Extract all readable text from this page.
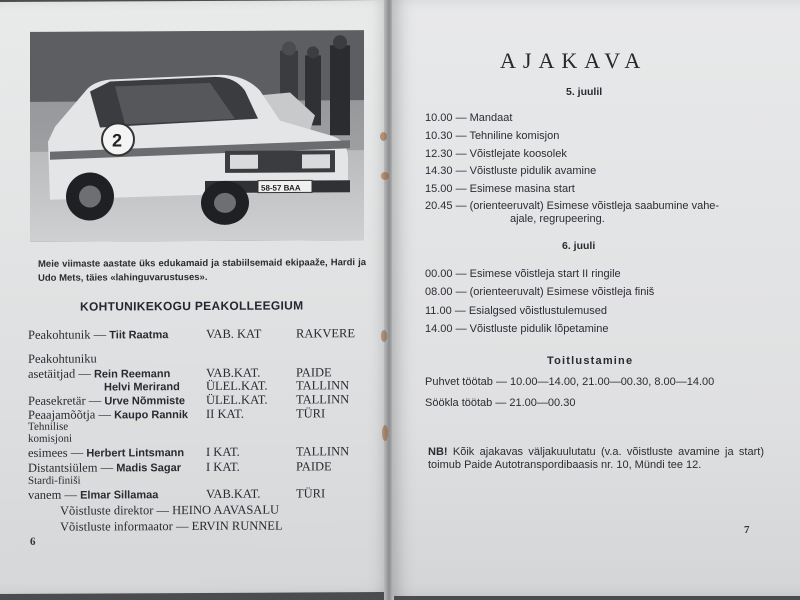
2
58-57 ВАА
Meie viimaste aastate üks edukamaid ja stabiilsemaid ekipaaže, Hardi ja Udo Mets, täies «lahinguvarustuses».
KOHTUNIKEKOGU PEAKOLLEEGIUM
Peakohtunik — Tiit Raatma	VAB. KAT	RAKVERE
Peakohtuniku
asetäitjad — Rein Reemann	VAB.KAT.	PAIDE
Helvi Merirand ÜLEL.KAT. TALLINN
Peasekretär — Urve Nõmmiste ÜLEL.KAT. TALLINN
Peaajamõõtja — Kaupo Rannik II KAT.	TÜRI
Tehnilise
komisjoni
esimees — Herbert Lintsmann I KAT.	TALLINN
Distantsiülem — Madis Sagar I KAT.	PAIDE
Stardi-finiši
vanem — Elmar Sillamaa	VAB.KAT.	TÜRI
Võistluste direktor — HEINO AAVASALU
Võistluste informaator — ERVIN RUNNEL
6
AJAKAVA
5. juulil
10.00 — Mandaat
10.30 — Tehniline komisjon
12.30 — Võistlejate koosolek
14.30 — Võistluste pidulik avamine
15.00 — Esimese masina start
20.45 — (orienteeruvalt) Esimese võistleja saabumine vahe-
ajale, regrupeering.
6. juuli
00.00 — Esimese võistleja start II ringile
08.00 — (orienteeruvalt) Esimese võistleja finiš
11.00 — Esialgsed võistlustulemused
14.00 — Võistluste pidulik lõpetamine
Toitlustamine
Puhvet töötab — 10.00—14.00, 21.00—00.30, 8.00—14.00
Söökla töötab — 21.00—00.30
NB! Kõik ajakavas väljakuulutatu (v.a. võistluste avamine ja start) toimub Paide Autotranspordibaasis nr. 10, Mündi tee 12.
7
